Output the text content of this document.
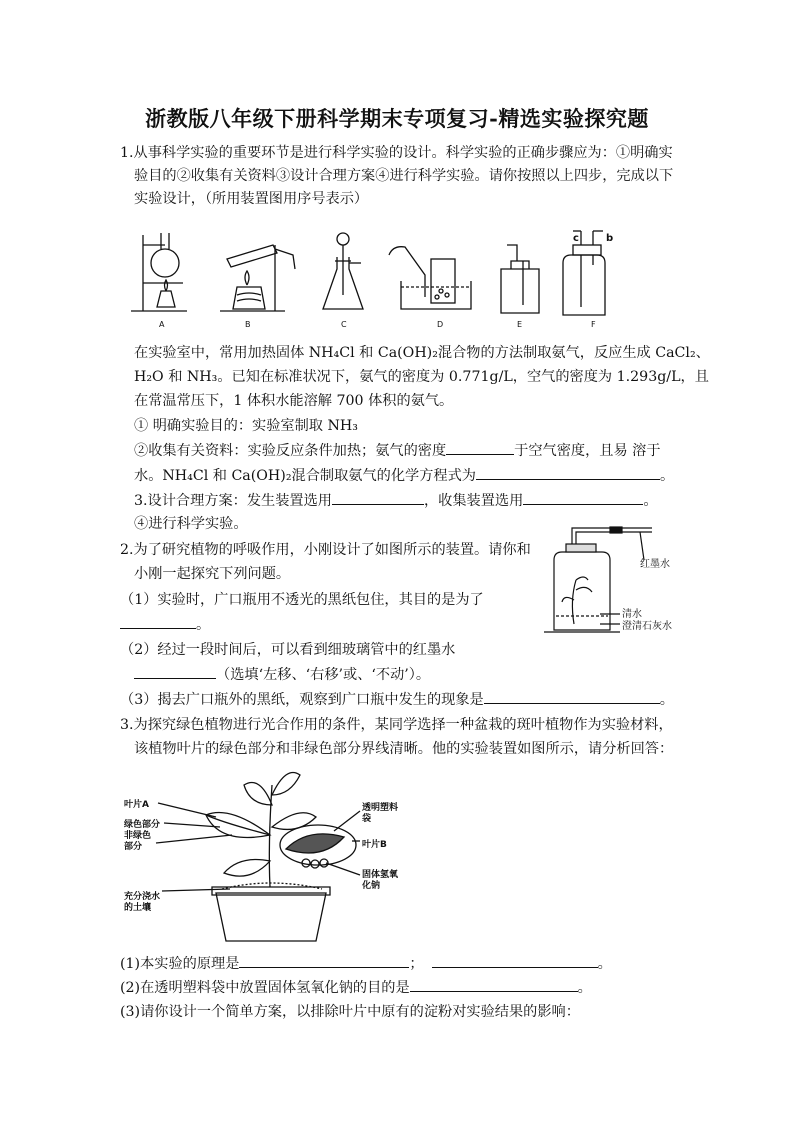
浙教版八年级下册科学期末专项复习-精选实验探究题
1.从事科学实验的重要环节是进行科学实验的设计。科学实验的正确步骤应为：①明确实
验目的②收集有关资料③设计合理方案④进行科学实验。请你按照以上四步，完成以下
实验设计，（所用装置图用序号表示）
c	b
A	B	C	D	E	F
在实验室中，常用加热固体 NH₄Cl 和 Ca(OH)₂混合物的方法制取氨气，反应生成 CaCl₂、
H₂O 和 NH₃。已知在标准状况下，氨气的密度为 0.771g/L，空气的密度为 1.293g/L，且
在常温常压下，1 体积水能溶解 700 体积的氨气。
① 明确实验目的：实验室制取 NH₃
②收集有关资料：实验反应条件加热；氨气的密度	于空气密度，且易 溶于
水。NH₄Cl 和 Ca(OH)₂混合制取氨气的化学方程式为	。
3.设计合理方案：发生装置选用	，收集装置选用	。
④进行科学实验。
2.为了研究植物的呼吸作用，小刚设计了如图所示的装置。请你和
小刚一起探究下列问题。
红墨水
清水
澄清石灰水
（1）实验时，广口瓶用不透光的黑纸包住，其目的是为了
。
（2）经过一段时间后，可以看到细玻璃管中的红墨水
（选填‘左移、‘右移’或、‘不动’）。
（3）揭去广口瓶外的黑纸，观察到广口瓶中发生的现象是	。
3.为探究绿色植物进行光合作用的条件，某同学选择一种盆栽的斑叶植物作为实验材料，
该植物叶片的绿色部分和非绿色部分界线清晰。他的实验装置如图所示，请分析回答：
叶片A
绿色部分
非绿色
部分
充分浇水
的土壤
透明塑料
袋
叶片B
固体氢氧
化钠
(1)本实验的原理是	；	。
(2)在透明塑料袋中放置固体氢氧化钠的目的是	。
(3)请你设计一个简单方案，以排除叶片中原有的淀粉对实验结果的影响：
